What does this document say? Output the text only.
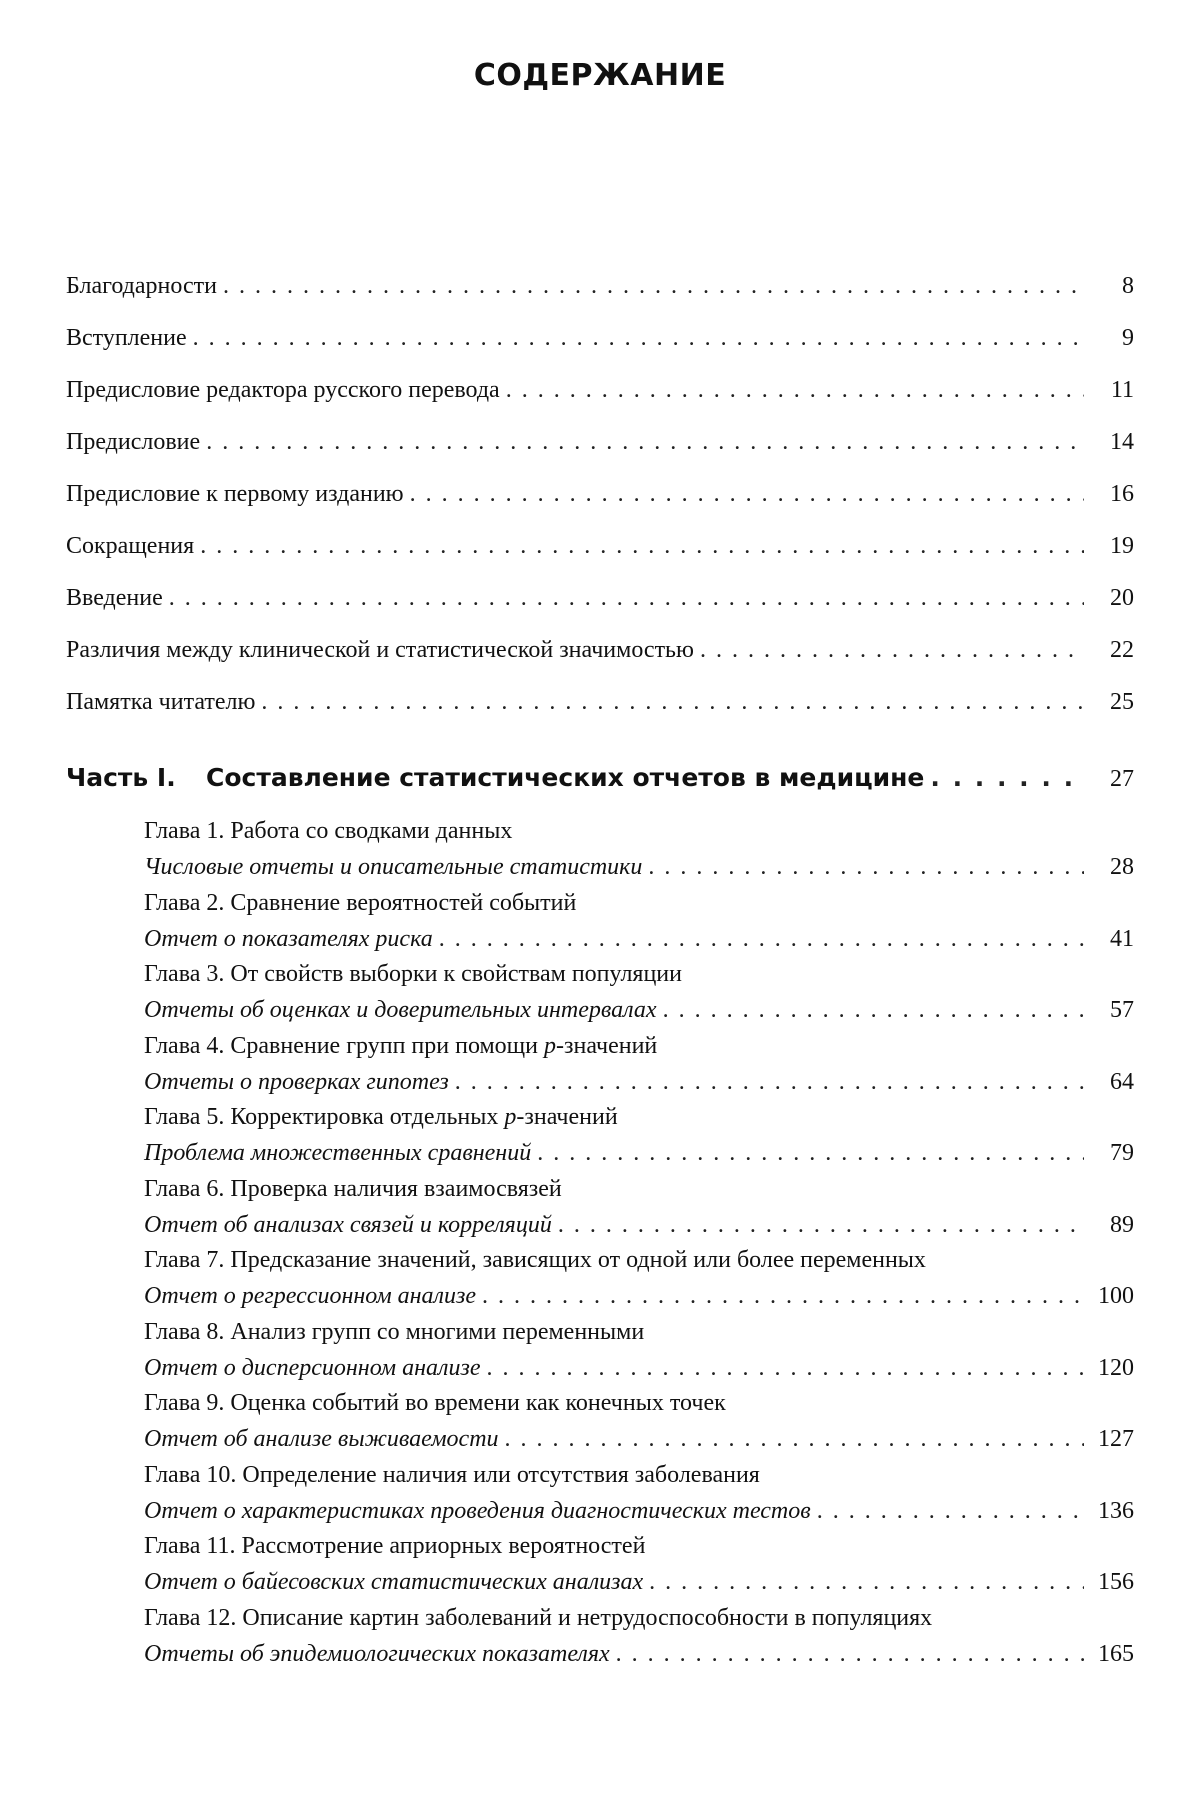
СОДЕРЖАНИЕ
Благодарности . . .	8
Вступление . . .	9
Предисловие редактора русского перевода . . .	11
Предисловие . . .	14
Предисловие к первому изданию . . .	16
Сокращения . . .	19
Введение . . .	20
Различия между клинической и статистической значимостью . . .	22
Памятка читателю . . .	25
Часть I. Составление статистических отчетов в медицине . . .	27
Глава 1. Работа со сводками данных
Числовые отчеты и описательные статистики . . .	28
Глава 2. Сравнение вероятностей событий
Отчет о показателях риска . . .	41
Глава 3. От свойств выборки к свойствам популяции
Отчеты об оценках и доверительных интервалах . . .	57
Глава 4. Сравнение групп при помощи p-значений
Отчеты о проверках гипотез . . .	64
Глава 5. Корректировка отдельных p-значений
Проблема множественных сравнений . . .	79
Глава 6. Проверка наличия взаимосвязей
Отчет об анализах связей и корреляций . . .	89
Глава 7. Предсказание значений, зависящих от одной или более переменных
Отчет о регрессионном анализе . . .	100
Глава 8. Анализ групп со многими переменными
Отчет о дисперсионном анализе . . .	120
Глава 9. Оценка событий во времени как конечных точек
Отчет об анализе выживаемости . . .	127
Глава 10. Определение наличия или отсутствия заболевания
Отчет о характеристиках проведения диагностических тестов . . .	136
Глава 11. Рассмотрение априорных вероятностей
Отчет о байесовских статистических анализах . . .	156
Глава 12. Описание картин заболеваний и нетрудоспособности в популяциях
Отчеты об эпидемиологических показателях . . .	165
